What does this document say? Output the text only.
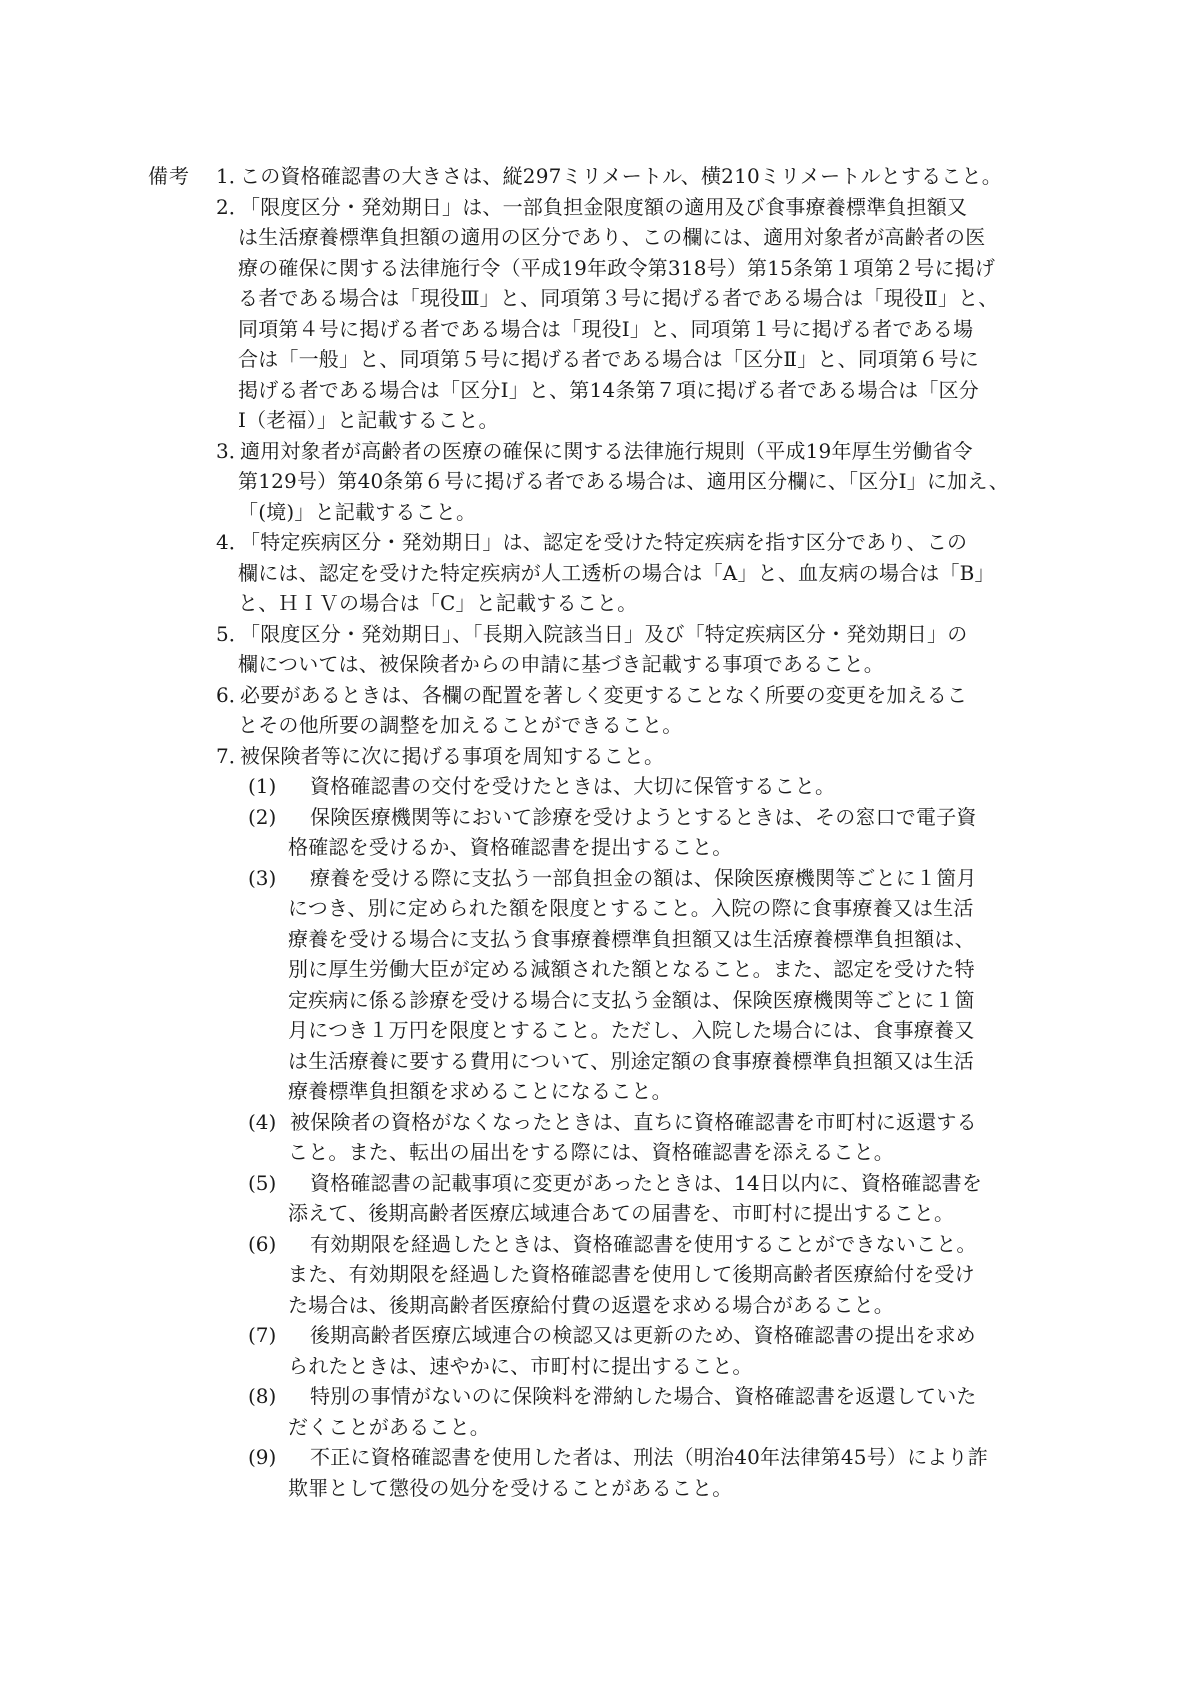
備考 1．
この資格確認書の大きさは、縦297ミリメートル、横210ミリメートルとすること。
2．
「限度区分・発効期日」は、一部負担金限度額の適用及び食事療養標準負担額又
は生活療養標準負担額の適用の区分であり、この欄には、適用対象者が高齢者の医
療の確保に関する法律施行令（平成19年政令第318号）第15条第１項第２号に掲げ
る者である場合は「現役Ⅲ」と、同項第３号に掲げる者である場合は「現役Ⅱ」と、
同項第４号に掲げる者である場合は「現役Ⅰ」と、同項第１号に掲げる者である場
合は「一般」と、同項第５号に掲げる者である場合は「区分Ⅱ」と、同項第６号に
掲げる者である場合は「区分Ⅰ」と、第14条第７項に掲げる者である場合は「区分
Ⅰ（老福）」と記載すること。
3．
適用対象者が高齢者の医療の確保に関する法律施行規則（平成19年厚生労働省令
第129号）第40条第６号に掲げる者である場合は、適用区分欄に、「区分Ⅰ」に加え、
「(境)」と記載すること。
4．
「特定疾病区分・発効期日」は、認定を受けた特定疾病を指す区分であり、この
欄には、認定を受けた特定疾病が人工透析の場合は「A」と、血友病の場合は「B」
と、ＨＩＶの場合は「C」と記載すること。
5．
「限度区分・発効期日」、「長期入院該当日」及び「特定疾病区分・発効期日」の
欄については、被保険者からの申請に基づき記載する事項であること。
6．
必要があるときは、各欄の配置を著しく変更することなく所要の変更を加えるこ
とその他所要の調整を加えることができること。
7．
被保険者等に次に掲げる事項を周知すること。
(1) 資格確認書の交付を受けたときは、大切に保管すること。
(2) 保険医療機関等において診療を受けようとするときは、その窓口で電子資
格確認を受けるか、資格確認書を提出すること。
(3) 療養を受ける際に支払う一部負担金の額は、保険医療機関等ごとに１箇月
につき、別に定められた額を限度とすること。入院の際に食事療養又は生活
療養を受ける場合に支払う食事療養標準負担額又は生活療養標準負担額は、
別に厚生労働大臣が定める減額された額となること。また、認定を受けた特
定疾病に係る診療を受ける場合に支払う金額は、保険医療機関等ごとに１箇
月につき１万円を限度とすること。ただし、入院した場合には、食事療養又
は生活療養に要する費用について、別途定額の食事療養標準負担額又は生活
療養標準負担額を求めることになること。
(4) 被保険者の資格がなくなったときは、直ちに資格確認書を市町村に返還する
こと。また、転出の届出をする際には、資格確認書を添えること。
(5) 資格確認書の記載事項に変更があったときは、14日以内に、資格確認書を
添えて、後期高齢者医療広域連合あての届書を、市町村に提出すること。
(6) 有効期限を経過したときは、資格確認書を使用することができないこと。
また、有効期限を経過した資格確認書を使用して後期高齢者医療給付を受け
た場合は、後期高齢者医療給付費の返還を求める場合があること。
(7) 後期高齢者医療広域連合の検認又は更新のため、資格確認書の提出を求め
られたときは、速やかに、市町村に提出すること。
(8) 特別の事情がないのに保険料を滞納した場合、資格確認書を返還していた
だくことがあること。
(9) 不正に資格確認書を使用した者は、刑法（明治40年法律第45号）により詐
欺罪として懲役の処分を受けることがあること。
